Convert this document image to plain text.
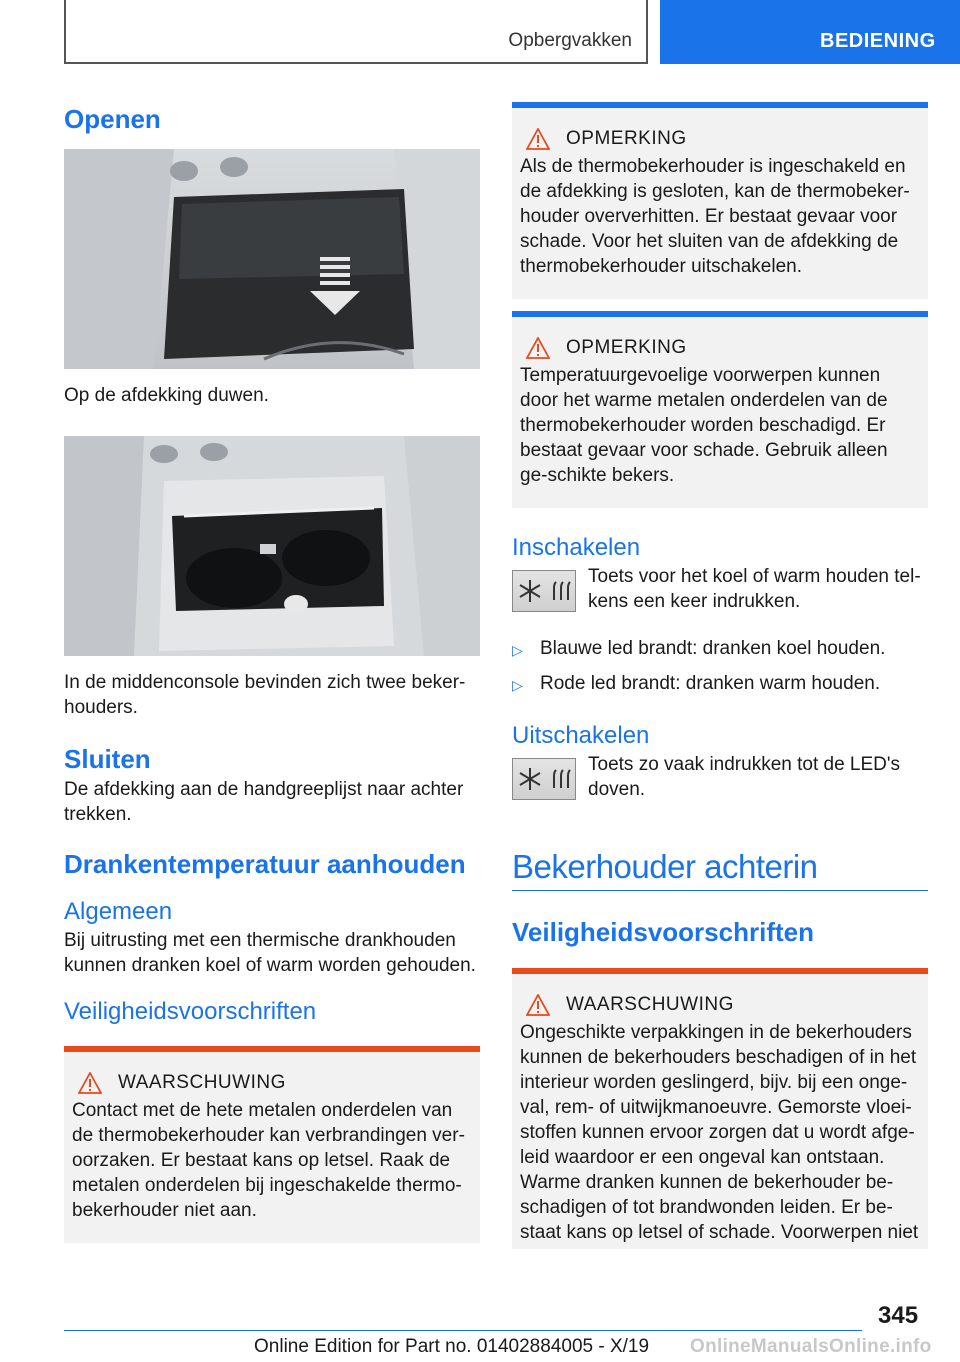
Opbergvakken	BEDIENING
Openen

Op de afdekking duwen.

In de middenconsole bevinden zich twee beker-houders.

Sluiten

De afdekking aan de handgreeplijst naar achter trekken.

Drankentemperatuur aanhouden
Algemeen

Bij uitrusting met een thermische drankhouden kunnen dranken koel of warm worden gehouden.

Veiligheidsvoorschriften
WAARSCHUWING

Contact met de hete metalen onderdelen van de thermobekerhouder kan verbrandingen ver-oorzaken. Er bestaat kans op letsel. Raak de metalen onderdelen bij ingeschakelde thermo-bekerhouder niet aan.

OPMERKING

Als de thermobekerhouder is ingeschakeld en de afdekking is gesloten, kan de thermobeker-houder oververhitten. Er bestaat gevaar voor schade. Voor het sluiten van de afdekking de thermobekerhouder uitschakelen.

OPMERKING

Temperatuurgevoelige voorwerpen kunnen door het warme metalen onderdelen van de thermobekerhouder worden beschadigd. Er bestaat gevaar voor schade. Gebruik alleen ge-schikte bekers.

Inschakelen

Toets voor het koel of warm houden tel-kens een keer indrukken.

▷ Blauwe led brandt: dranken koel houden.
▷ Rode led brandt: dranken warm houden.
Uitschakelen

Toets zo vaak indrukken tot de LED's doven.

Bekerhouder achterin
Veiligheidsvoorschriften
WAARSCHUWING

Ongeschikte verpakkingen in de bekerhouders kunnen de bekerhouders beschadigen of in het interieur worden geslingerd, bijv. bij een onge-val, rem- of uitwijkmanoeuvre. Gemorste vloei-stoffen kunnen ervoor zorgen dat u wordt afge-leid waardoor er een ongeval kan ontstaan. Warme dranken kunnen de bekerhouder be-schadigen of tot brandwonden leiden. Er be-staat kans op letsel of schade. Voorwerpen niet

345
Online Edition for Part no. 01402884005 - X/19 OnlineManualsOnline.info
